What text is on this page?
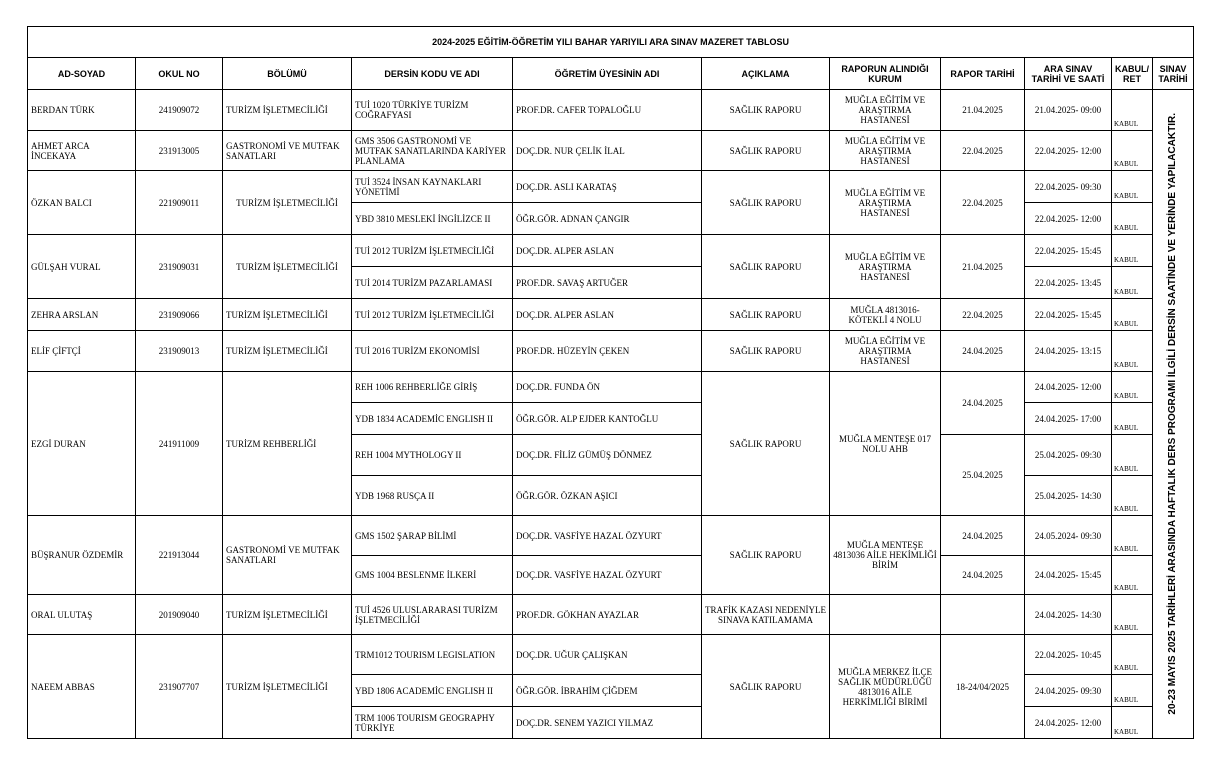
2024-2025 EĞİTİM-ÖĞRETİM YILI BAHAR YARIYILI ARA SINAV MAZERET TABLOSU										
AD-SOYAD	OKUL NO	BÖLÜMÜ	DERSİN KODU VE ADI	ÖĞRETİM ÜYESİNİN ADI	AÇIKLAMA	RAPORUN ALINDIĞI KURUM	RAPOR TARİHİ	ARA SINAV TARİHİ VE SAATİ	KABUL/ RET	SINAV TARİHİ
BERDAN TÜRK	241909072	TURİZM İŞLETMECİLİĞİ	TUİ 1020 TÜRKİYE TURİZM COĞRAFYASI	PROF.DR. CAFER TOPALOĞLU	SAĞLIK RAPORU	MUĞLA EĞİTİM VE ARAŞTIRMA HASTANESİ	21.04.2025	21.04.2025- 09:00	KABUL	20-23 MAYIS 2025 TARİHLERİ ARASINDA HAFTALIK DERS PROGRAMI İLGİLİ DERSİN SAATİNDE VE YERİNDE YAPILACAKTIR.

AHMET ARCA İNCEKAYA	231913005	GASTRONOMİ VE MUTFAK SANATLARI	GMS 3506 GASTRONOMİ VE MUTFAK SANATLARINDA KARİYER PLANLAMA	DOÇ.DR. NUR ÇELİK İLAL	SAĞLIK RAPORU	MUĞLA EĞİTİM VE ARAŞTIRMA HASTANESİ	22.04.2025	22.04.2025- 12:00	KABUL	
ÖZKAN BALCI	221909011	TURİZM İŞLETMECİLİĞİ	TUİ 3524 İNSAN KAYNAKLARI YÖNETİMİ	DOÇ.DR. ASLI KARATAŞ	SAĞLIK RAPORU	MUĞLA EĞİTİM VE ARAŞTIRMA HASTANESİ	22.04.2025	22.04.2025- 09:30	KABUL	
			YBD 3810 MESLEKİ İNGİLİZCE II	ÖĞR.GÖR. ADNAN ÇANGIR				22.04.2025- 12:00	KABUL	
GÜLŞAH VURAL	231909031	TURİZM İŞLETMECİLİĞİ	TUİ 2012 TURİZM İŞLETMECİLİĞİ	DOÇ.DR. ALPER ASLAN	SAĞLIK RAPORU	MUĞLA EĞİTİM VE ARAŞTIRMA HASTANESİ	21.04.2025	22.04.2025- 15:45	KABUL	
			TUİ 2014 TURİZM PAZARLAMASI	PROF.DR. SAVAŞ ARTUĞER				22.04.2025- 13:45	KABUL	
ZEHRA ARSLAN	231909066	TURİZM İŞLETMECİLİĞİ	TUİ 2012 TURİZM İŞLETMECİLİĞİ	DOÇ.DR. ALPER ASLAN	SAĞLIK RAPORU	MUĞLA 4813016- KÖTEKLİ 4 NOLU	22.04.2025	22.04.2025- 15:45	KABUL	
ELİF ÇİFTÇİ	231909013	TURİZM İŞLETMECİLİĞİ	TUİ 2016 TURİZM EKONOMİSİ	PROF.DR. HÜZEYİN ÇEKEN	SAĞLIK RAPORU	MUĞLA EĞİTİM VE ARAŞTIRMA HASTANESİ	24.04.2025	24.04.2025- 13:15	KABUL	
EZGİ DURAN	241911009	TURİZM REHBERLİĞİ	REH 1006 REHBERLİĞE GİRİŞ	DOÇ.DR. FUNDA ÖN	SAĞLIK RAPORU	MUĞLA MENTEŞE 017 NOLU AHB	24.04.2025	24.04.2025- 12:00	KABUL	
			YDB 1834 ACADEMİC ENGLISH II	ÖĞR.GÖR. ALP EJDER KANTOĞLU				24.04.2025- 17:00	KABUL	
			REH 1004 MYTHOLOGY II	DOÇ.DR. FİLİZ GÜMÜŞ DÖNMEZ			25.04.2025	25.04.2025- 09:30	KABUL	
			YDB 1968 RUSÇA II	ÖĞR.GÖR. ÖZKAN AŞICI				25.04.2025- 14:30	KABUL	
BÜŞRANUR ÖZDEMİR	221913044	GASTRONOMİ VE MUTFAK SANATLARI	GMS 1502 ŞARAP BİLİMİ	DOÇ.DR. VASFİYE HAZAL ÖZYURT	SAĞLIK RAPORU	MUĞLA MENTEŞE 4813036 AİLE HEKİMLİĞİ BİRİM	24.04.2025	24.05.2024- 09:30	KABUL	
			GMS 1004 BESLENME İLKERİ	DOÇ.DR. VASFİYE HAZAL ÖZYURT			24.04.2025	24.04.2025- 15:45	KABUL	
ORAL ULUTAŞ	201909040	TURİZM İŞLETMECİLİĞİ	TUİ 4526 ULUSLARARASI TURİZM İŞLETMECİLİĞİ	PROF.DR. GÖKHAN AYAZLAR	TRAFİK KAZASI NEDENİYLE SINAVA KATILAMAMA			24.04.2025- 14:30	KABUL	
NAEEM ABBAS	231907707	TURİZM İŞLETMECİLİĞİ	TRM1012 TOURISM LEGISLATION	DOÇ.DR. UĞUR ÇALIŞKAN	SAĞLIK RAPORU	MUĞLA MERKEZ İLÇE SAĞLIK MÜDÜRLÜĞÜ 4813016 AİLE HERKİMLİĞİ BİRİMİ	18-24/04/2025	22.04.2025- 10:45	KABUL	
			YBD 1806 ACADEMİC ENGLISH II	ÖĞR.GÖR. İBRAHİM ÇİĞDEM				24.04.2025- 09:30	KABUL	
			TRM 1006 TOURISM GEOGRAPHY TÜRKİYE	DOÇ.DR. SENEM YAZICI YILMAZ				24.04.2025- 12:00	KABUL	
